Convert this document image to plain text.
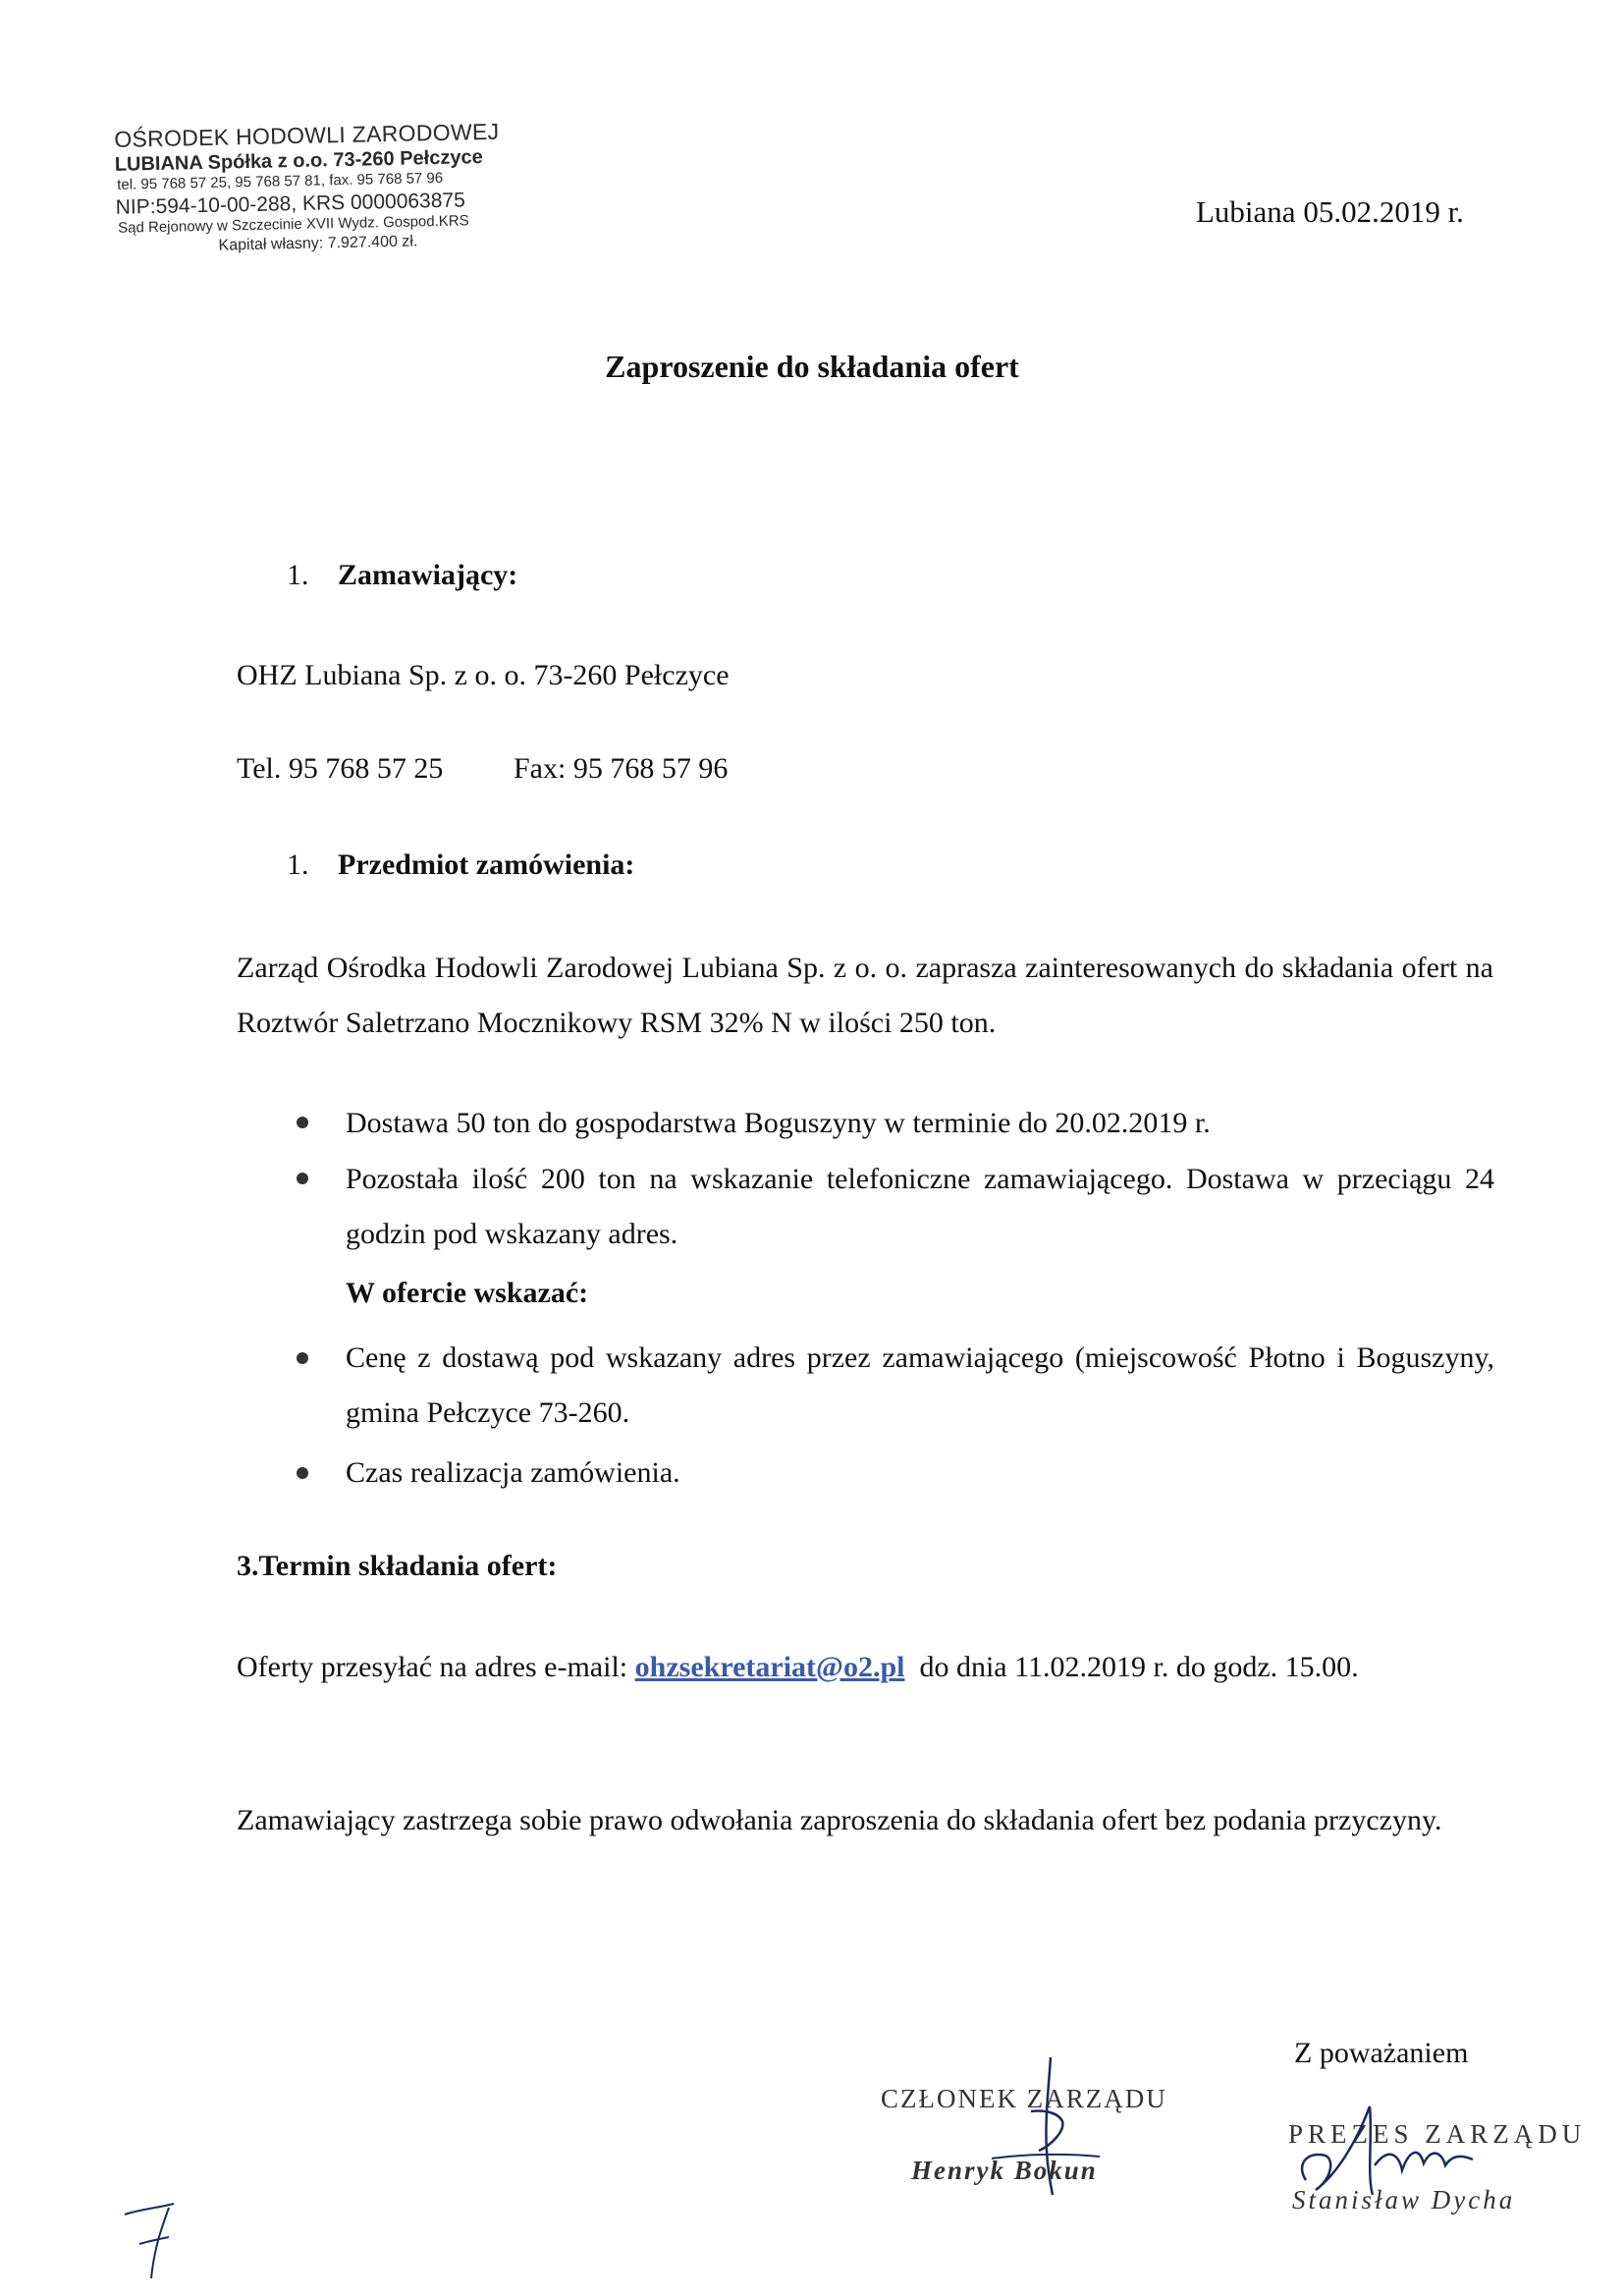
OŚRODEK HODOWLI ZARODOWEJ
LUBIANA Spółka z o.o. 73-260 Pełczyce
tel. 95 768 57 25, 95 768 57 81, fax. 95 768 57 96
NIP:594-10-00-288, KRS 0000063875
Sąd Rejonowy w Szczecinie XVII Wydz. Gospod.KRS
Kapitał własny: 7.927.400 zł.
Lubiana 05.02.2019 r.
Zaproszenie do składania ofert
1. Zamawiający:
OHZ Lubiana Sp. z o. o. 73-260 Pełczyce
Tel. 95 768 57 25 Fax: 95 768 57 96
1. Przedmiot zamówienia:
Zarząd Ośrodka Hodowli Zarodowej Lubiana Sp. z o. o. zaprasza zainteresowanych do składania ofert na Roztwór Saletrzano Mocznikowy RSM 32% N w ilości 250 ton.
Dostawa 50 ton do gospodarstwa Boguszyny w terminie do 20.02.2019 r.
Pozostała ilość 200 ton na wskazanie telefoniczne zamawiającego. Dostawa w przeciągu 24 godzin pod wskazany adres.
W ofercie wskazać:
Cenę z dostawą pod wskazany adres przez zamawiającego (miejscowość Płotno i Boguszyny, gmina Pełczyce 73-260.
Czas realizacja zamówienia.
3.Termin składania ofert:
Oferty przesyłać na adres e-mail: ohzsekretariat@o2.pl  do dnia 11.02.2019 r. do godz. 15.00.
Zamawiający zastrzega sobie prawo odwołania zaproszenia do składania ofert bez podania przyczyny.
Z poważaniem
CZŁONEK ZARZĄDU
Henryk Bokun
PREZES ZARZĄDU
Stanisław Dycha
